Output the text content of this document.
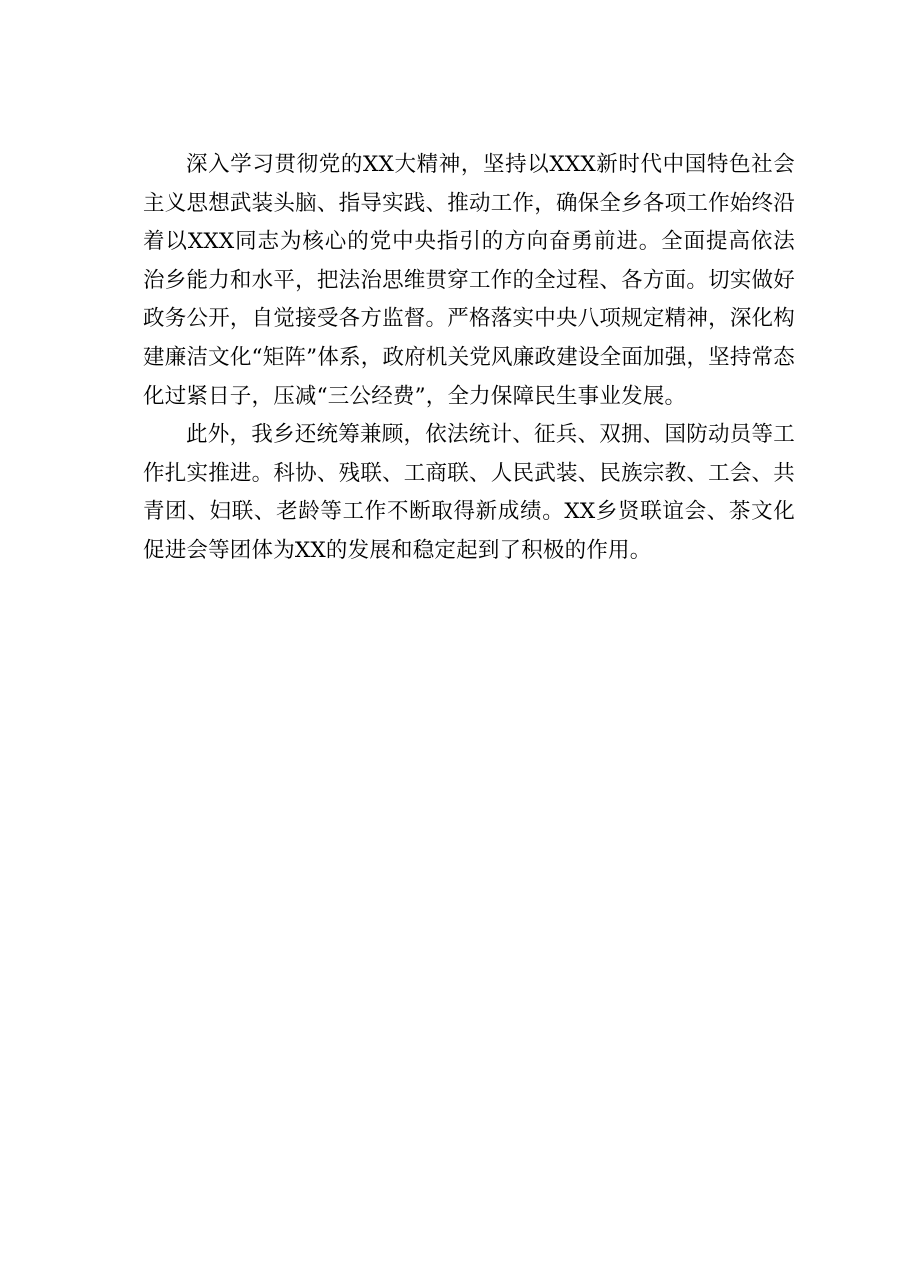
深入学习贯彻党的XX大精神，坚持以XXX新时代中国特色社会主义思想武装头脑、指导实践、推动工作，确保全乡各项工作始终沿着以XXX同志为核心的党中央指引的方向奋勇前进。全面提高依法治乡能力和水平，把法治思维贯穿工作的全过程、各方面。切实做好政务公开，自觉接受各方监督。严格落实中央八项规定精神，深化构建廉洁文化“矩阵”体系，政府机关党风廉政建设全面加强，坚持常态化过紧日子，压减“三公经费”，全力保障民生事业发展。

此外，我乡还统筹兼顾，依法统计、征兵、双拥、国防动员等工作扎实推进。科协、残联、工商联、人民武装、民族宗教、工会、共青团、妇联、老龄等工作不断取得新成绩。XX乡贤联谊会、茶文化促进会等团体为XX的发展和稳定起到了积极的作用。
